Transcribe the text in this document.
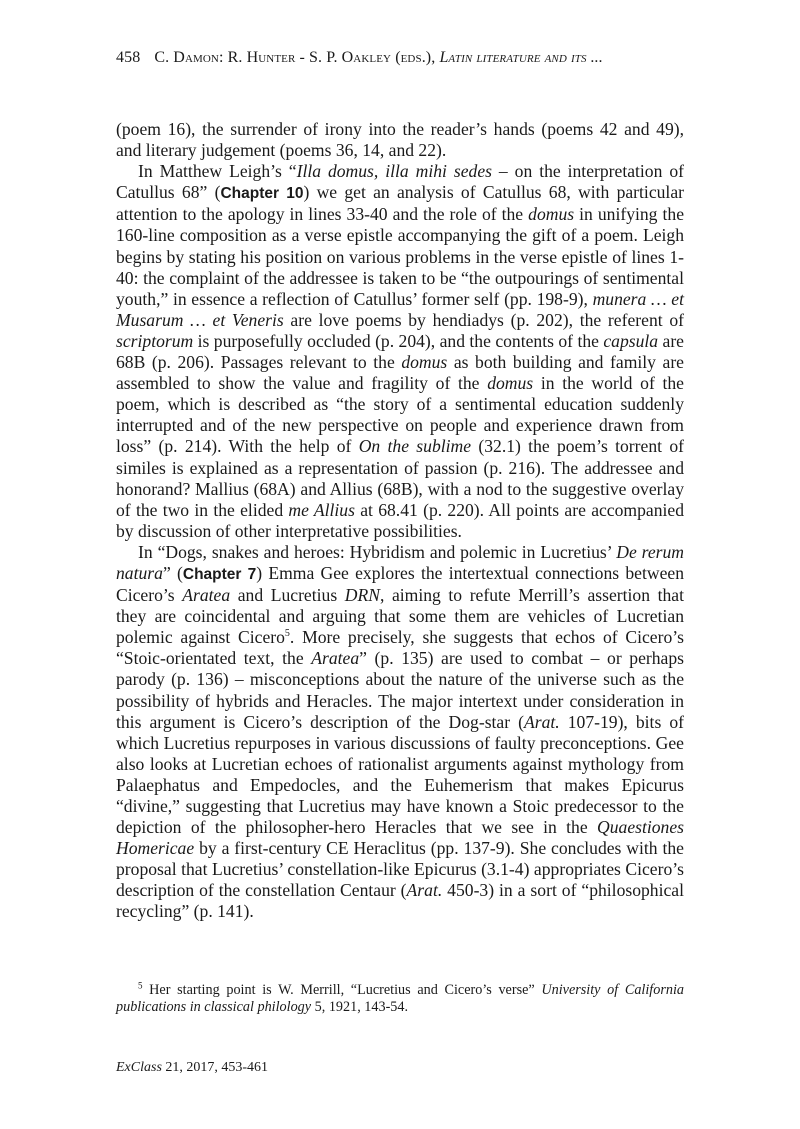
458 C. Damon: R. Hunter - S. P. Oakley (eds.), Latin literature and its ...

(poem 16), the surrender of irony into the reader’s hands (poems 42 and 49), and literary judgement (poems 36, 14, and 22).

In Matthew Leigh’s “Illa domus, illa mihi sedes – on the interpretation of Catullus 68” (Chapter 10) we get an analysis of Catullus 68, with particular attention to the apology in lines 33-40 and the role of the domus in unifying the 160-line composition as a verse epistle accompanying the gift of a poem. Leigh begins by stating his position on various problems in the verse epistle of lines 1-40: the complaint of the addressee is taken to be “the outpourings of sentimental youth,” in essence a reflection of Catullus’ former self (pp. 198-9), munera … et Musarum … et Veneris are love poems by hendiadys (p. 202), the referent of scriptorum is purposefully occluded (p. 204), and the contents of the capsula are 68B (p. 206). Passages relevant to the domus as both building and family are assembled to show the value and fragility of the domus in the world of the poem, which is described as “the story of a sentimental education suddenly interrupted and of the new perspective on people and experience drawn from loss” (p. 214). With the help of On the sublime (32.1) the poem’s torrent of similes is explained as a representation of passion (p. 216). The addressee and honorand? Mallius (68A) and Allius (68B), with a nod to the suggestive overlay of the two in the elided me Allius at 68.41 (p. 220). All points are accompanied by discussion of other interpretative possibilities.

In “Dogs, snakes and heroes: Hybridism and polemic in Lucretius’ De rerum natura” (Chapter 7) Emma Gee explores the intertextual connections between Cicero’s Aratea and Lucretius DRN, aiming to refute Merrill’s assertion that they are coincidental and arguing that some them are vehicles of Lucretian polemic against Cicero$^5$. More precisely, she suggests that echos of Cicero’s “Stoic-orientated text, the Aratea” (p. 135) are used to combat – or perhaps parody (p. 136) – misconceptions about the nature of the universe such as the possibility of hybrids and Heracles. The major intertext under consideration in this argument is Cicero’s description of the Dog-star (Arat. 107-19), bits of which Lucretius repurposes in various discussions of faulty preconceptions. Gee also looks at Lucretian echoes of rationalist arguments against mythology from Palaephatus and Empedocles, and the Euhemerism that makes Epicurus “divine,” suggesting that Lucretius may have known a Stoic predecessor to the depiction of the philosopher-hero Heracles that we see in the Quaestiones Homericae by a first-century CE Heraclitus (pp. 137-9). She concludes with the proposal that Lucretius’ constellation-like Epicurus (3.1-4) appropriates Cicero’s description of the constellation Centaur (Arat. 450-3) in a sort of “philosophical recycling” (p. 141).

$^5$ Her starting point is W. Merrill, “Lucretius and Cicero’s verse” University of California publications in classical philology 5, 1921, 143-54.

ExClass 21, 2017, 453-461
